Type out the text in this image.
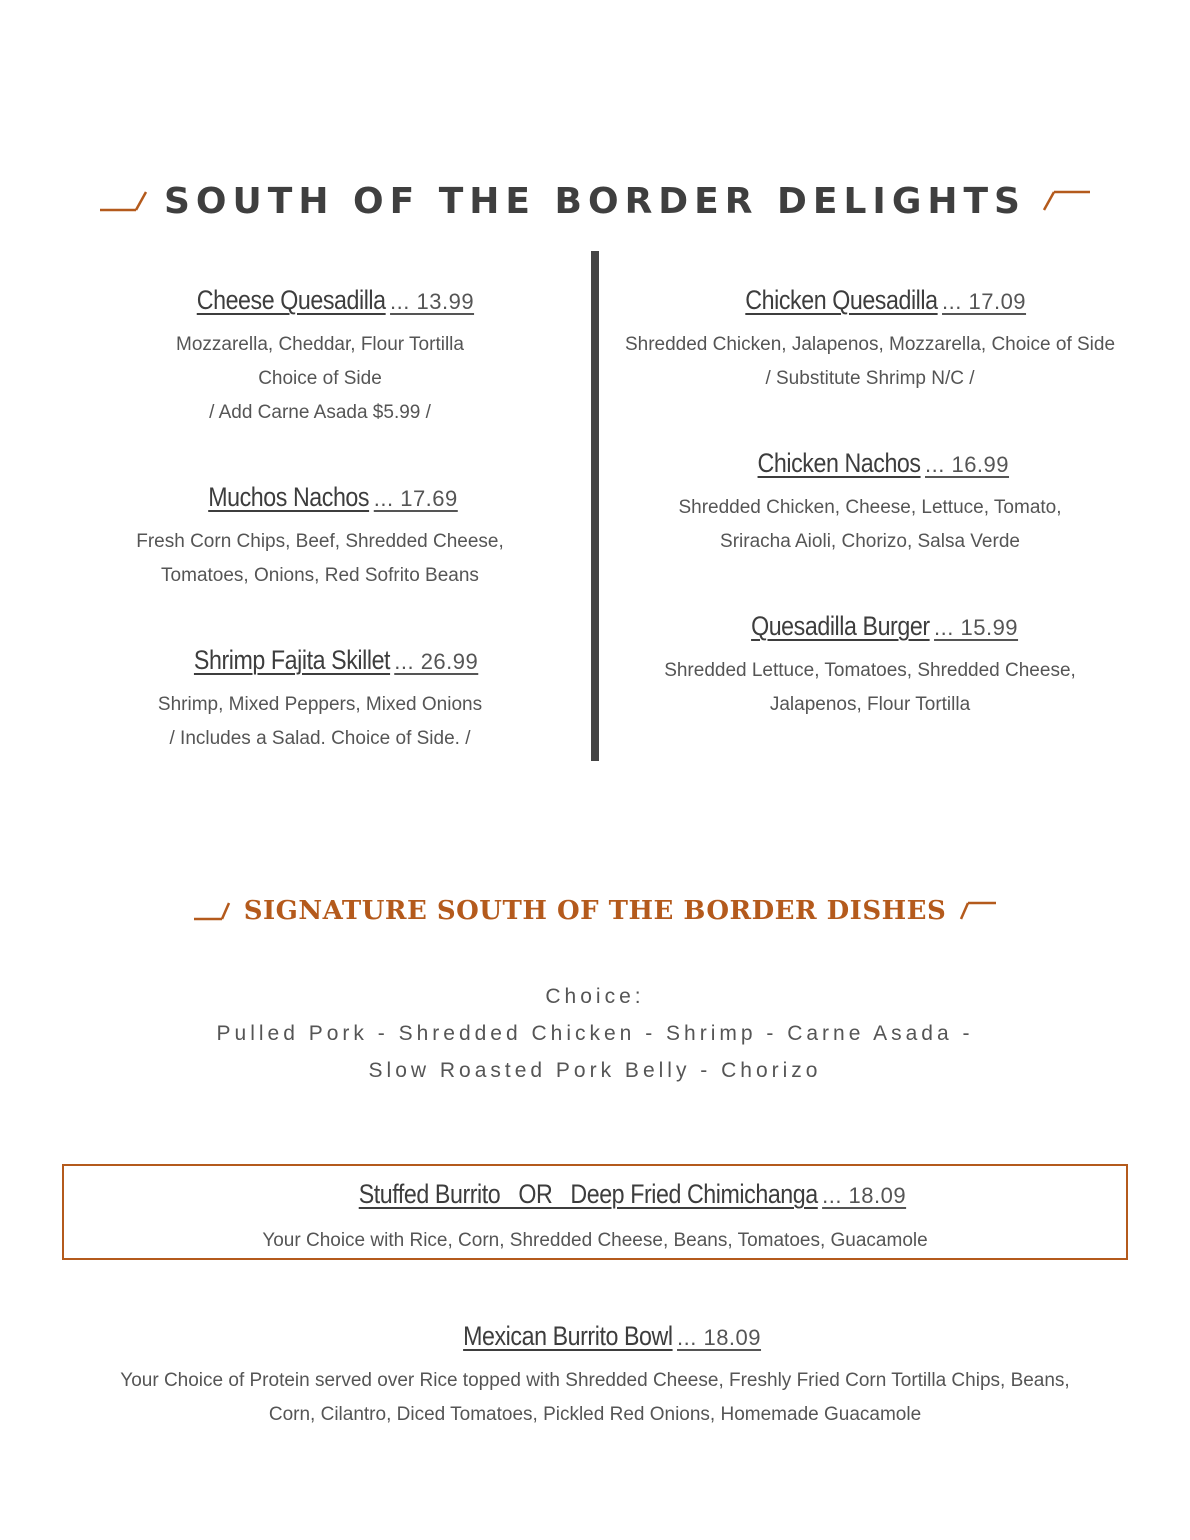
SOUTH OF THE BORDER DELIGHTS
Cheese Quesadilla ... 13.99
Mozzarella, Cheddar, Flour Tortilla
Choice of Side
/ Add Carne Asada $5.99 /
Muchos Nachos ... 17.69
Fresh Corn Chips, Beef, Shredded Cheese,
Tomatoes, Onions, Red Sofrito Beans
Shrimp Fajita Skillet ... 26.99
Shrimp, Mixed Peppers, Mixed Onions
/ Includes a Salad. Choice of Side. /
Chicken Quesadilla ... 17.09
Shredded Chicken, Jalapenos, Mozzarella, Choice of Side
/ Substitute Shrimp N/C /
Chicken Nachos ... 16.99
Shredded Chicken, Cheese, Lettuce, Tomato,
Sriracha Aioli, Chorizo, Salsa Verde
Quesadilla Burger ... 15.99
Shredded Lettuce, Tomatoes, Shredded Cheese,
Jalapenos, Flour Tortilla
SIGNATURE SOUTH OF THE BORDER DISHES
Choice:
Pulled Pork - Shredded Chicken - Shrimp - Carne Asada -
Slow Roasted Pork Belly - Chorizo
Stuffed Burrito   OR   Deep Fried Chimichanga ... 18.09
Your Choice with Rice, Corn, Shredded Cheese, Beans, Tomatoes, Guacamole
Mexican Burrito Bowl ... 18.09
Your Choice of Protein served over Rice topped with Shredded Cheese, Freshly Fried Corn Tortilla Chips, Beans,
Corn, Cilantro, Diced Tomatoes, Pickled Red Onions, Homemade Guacamole
